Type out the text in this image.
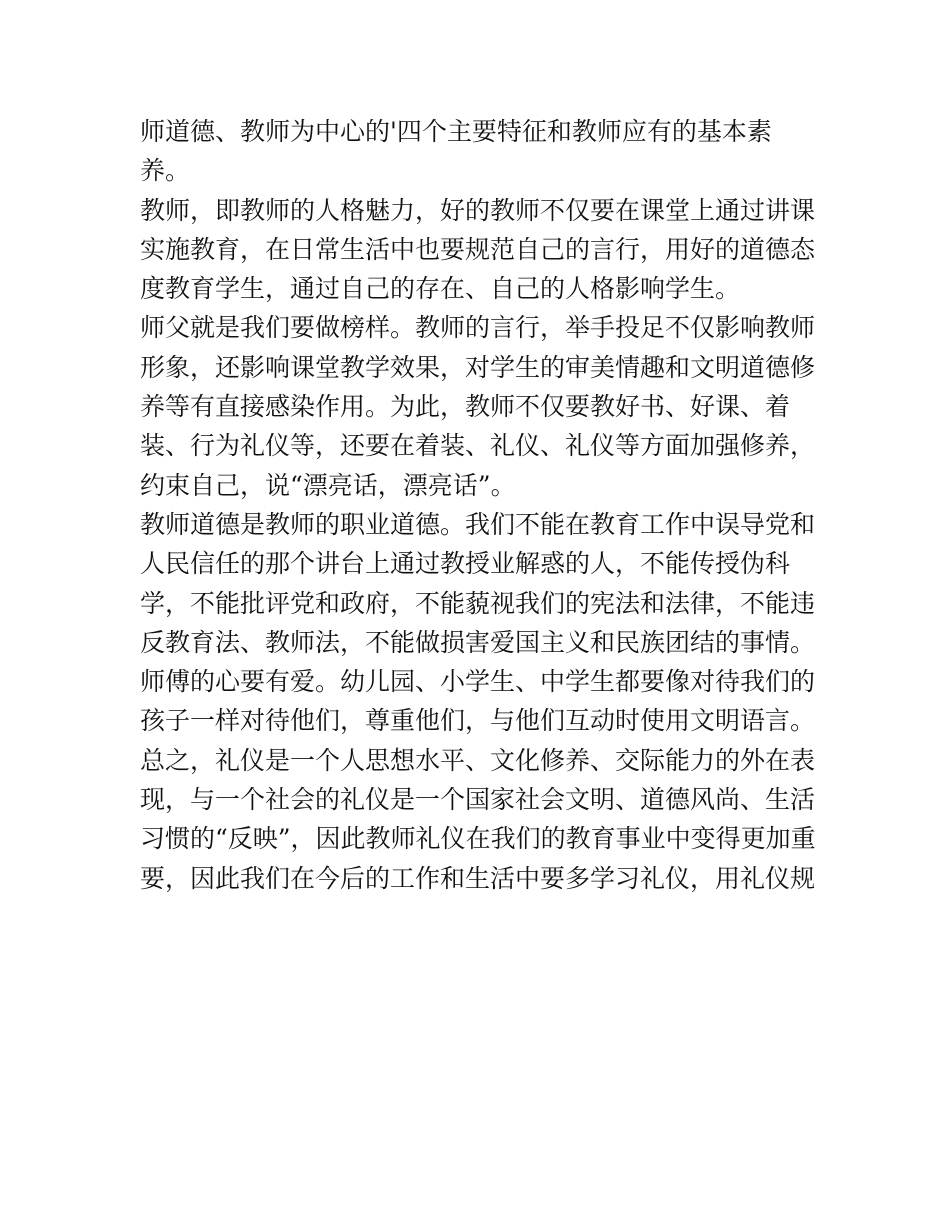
师道德、教师为中心的'四个主要特征和教师应有的基本素
养。
教师，即教师的人格魅力，好的教师不仅要在课堂上通过讲课
实施教育，在日常生活中也要规范自己的言行，用好的道德态
度教育学生，通过自己的存在、自己的人格影响学生。
师父就是我们要做榜样。教师的言行，举手投足不仅影响教师
形象，还影响课堂教学效果，对学生的审美情趣和文明道德修
养等有直接感染作用。为此，教师不仅要教好书、好课、着
装、行为礼仪等，还要在着装、礼仪、礼仪等方面加强修养，
约束自己，说“漂亮话，漂亮话”。
教师道德是教师的职业道德。我们不能在教育工作中误导党和
人民信任的那个讲台上通过教授业解惑的人，不能传授伪科
学，不能批评党和政府，不能藐视我们的宪法和法律，不能违
反教育法、教师法，不能做损害爱国主义和民族团结的事情。
师傅的心要有爱。幼儿园、小学生、中学生都要像对待我们的
孩子一样对待他们，尊重他们，与他们互动时使用文明语言。
总之，礼仪是一个人思想水平、文化修养、交际能力的外在表
现，与一个社会的礼仪是一个国家社会文明、道德风尚、生活
习惯的“反映”，因此教师礼仪在我们的教育事业中变得更加重
要，因此我们在今后的工作和生活中要多学习礼仪，用礼仪规
